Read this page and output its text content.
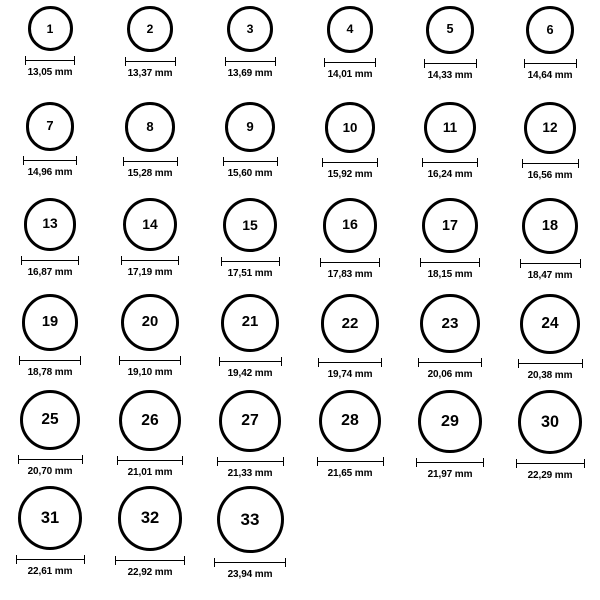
1
13,05 mm
2
13,37 mm
3
13,69 mm
4
14,01 mm
5
14,33 mm
6
14,64 mm
7
14,96 mm
8
15,28 mm
9
15,60 mm
10
15,92 mm
11
16,24 mm
12
16,56 mm
13
16,87 mm
14
17,19 mm
15
17,51 mm
16
17,83 mm
17
18,15 mm
18
18,47 mm
19
18,78 mm
20
19,10 mm
21
19,42 mm
22
19,74 mm
23
20,06 mm
24
20,38 mm
25
20,70 mm
26
21,01 mm
27
21,33 mm
28
21,65 mm
29
21,97 mm
30
22,29 mm
31
22,61 mm
32
22,92 mm
33
23,94 mm
